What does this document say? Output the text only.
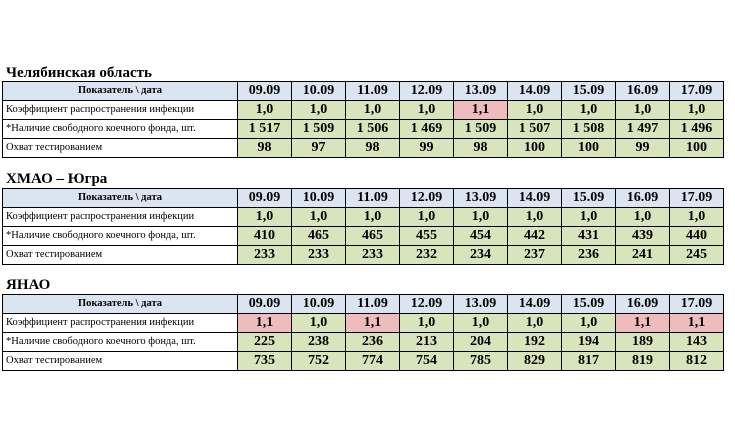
Челябинская область
Показатель \ дата	09.09	10.09	11.09	12.09	13.09	14.09	15.09	16.09	17.09
Коэффициент распространения инфекции	1,0	1,0	1,0	1,0	1,1	1,0	1,0	1,0	1,0
*Наличие свободного коечного фонда, шт.	1 517	1 509	1 506	1 469	1 509	1 507	1 508	1 497	1 496
Охват тестированием	98	97	98	99	98	100	100	99	100
ХМАО – Югра
Показатель \ дата	09.09	10.09	11.09	12.09	13.09	14.09	15.09	16.09	17.09
Коэффициент распространения инфекции	1,0	1,0	1,0	1,0	1,0	1,0	1,0	1,0	1,0
*Наличие свободного коечного фонда, шт.	410	465	465	455	454	442	431	439	440
Охват тестированием	233	233	233	232	234	237	236	241	245
ЯНАО
Показатель \ дата	09.09	10.09	11.09	12.09	13.09	14.09	15.09	16.09	17.09
Коэффициент распространения инфекции	1,1	1,0	1,1	1,0	1,0	1,0	1,0	1,1	1,1
*Наличие свободного коечного фонда, шт.	225	238	236	213	204	192	194	189	143
Охват тестированием	735	752	774	754	785	829	817	819	812
